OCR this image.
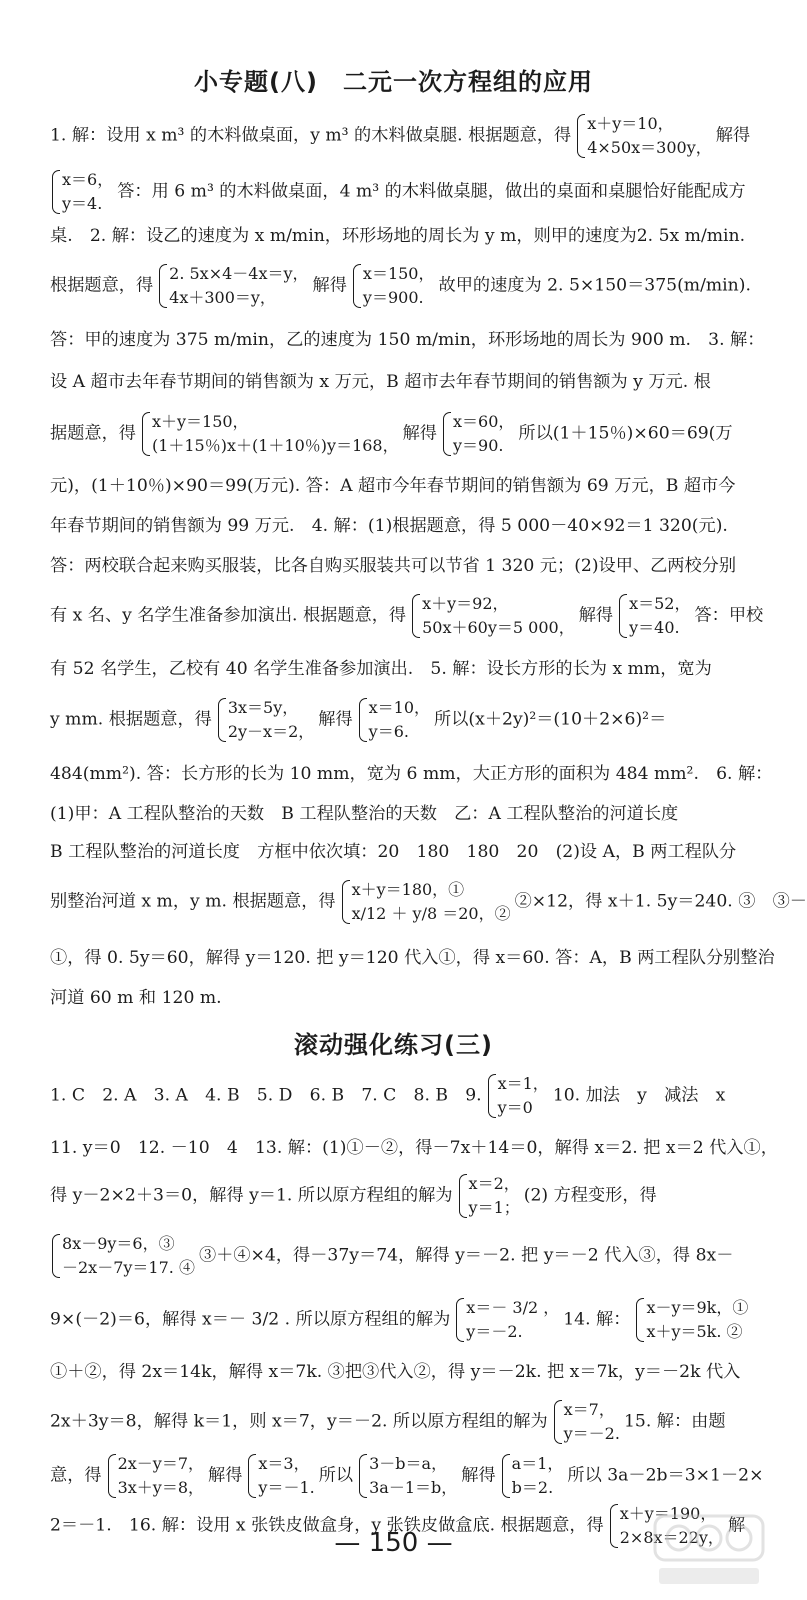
小专题(八)　二元一次方程组的应用
1. 解：设用 x m³ 的木料做桌面，y m³ 的木料做桌腿. 根据题意，得
x＋y＝10，
4×50x＝300y，
解得
x＝6，
y＝4.
答：用 6 m³ 的木料做桌面，4 m³ 的木料做桌腿，做出的桌面和桌腿恰好能配成方
桌.　2. 解：设乙的速度为 x m/min，环形场地的周长为 y m，则甲的速度为2. 5x m/min.
根据题意，得
2. 5x×4－4x＝y，
4x＋300＝y，
解得
x＝150，
y＝900.
故甲的速度为 2. 5×150＝375(m/min).
答：甲的速度为 375 m/min，乙的速度为 150 m/min，环形场地的周长为 900 m.　3. 解：
设 A 超市去年春节期间的销售额为 x 万元，B 超市去年春节期间的销售额为 y 万元. 根
据题意，得
x＋y＝150，
(1＋15％)x＋(1＋10％)y＝168，
解得
x＝60，
y＝90.
所以(1＋15％)×60＝69(万
元)，(1＋10％)×90＝99(万元). 答：A 超市今年春节期间的销售额为 69 万元，B 超市今
年春节期间的销售额为 99 万元.　4. 解：(1)根据题意，得 5 000－40×92＝1 320(元).
答：两校联合起来购买服装，比各自购买服装共可以节省 1 320 元；(2)设甲、乙两校分别
有 x 名、y 名学生准备参加演出. 根据题意，得
x＋y＝92，
50x＋60y＝5 000，
解得
x＝52，
y＝40.
答：甲校
有 52 名学生，乙校有 40 名学生准备参加演出.　5. 解：设长方形的长为 x mm，宽为
y mm. 根据题意，得
3x＝5y，
2y－x＝2，
解得
x＝10，
y＝6.
所以(x＋2y)²＝(10＋2×6)²＝
484(mm²). 答：长方形的长为 10 mm，宽为 6 mm，大正方形的面积为 484 mm².　6. 解：
(1)甲：A 工程队整治的天数　B 工程队整治的天数　乙：A 工程队整治的河道长度
B 工程队整治的河道长度　方框中依次填：20　180　180　20　(2)设 A，B 两工程队分
别整治河道 x m，y m. 根据题意，得
x＋y＝180，①
x/12 ＋ y/8 ＝20，②
②×12，得 x＋1. 5y＝240. ③　③－
①，得 0. 5y＝60，解得 y＝120. 把 y＝120 代入①，得 x＝60. 答：A，B 两工程队分别整治
河道 60 m 和 120 m.
滚动强化练习(三)
1. C　2. A　3. A　4. B　5. D　6. B　7. C　8. B　9.
x＝1，
y＝0
10. 加法　y　减法　x
11. y＝0　12. －10　4　13. 解：(1)①－②，得－7x＋14＝0，解得 x＝2. 把 x＝2 代入①，
得 y－2×2＋3＝0，解得 y＝1. 所以原方程组的解为
x＝2，
y＝1；
(2) 方程变形，得
8x－9y＝6，③
－2x－7y＝17. ④
③＋④×4，得－37y＝74，解得 y＝－2. 把 y＝－2 代入③，得 8x－
9×(－2)＝6，解得 x＝－ 3/2 . 所以原方程组的解为
x＝－ 3/2 ，
y＝－2.
14. 解：
x－y＝9k，①
x＋y＝5k. ②
①＋②，得 2x＝14k，解得 x＝7k. ③把③代入②，得 y＝－2k. 把 x＝7k，y＝－2k 代入
2x＋3y＝8，解得 k＝1，则 x＝7，y＝－2. 所以原方程组的解为
x＝7，
y＝－2.
15. 解：由题
意，得
2x－y＝7，
3x＋y＝8，
解得
x＝3，
y＝－1.
所以
3－b＝a，
3a－1＝b，
解得
a＝1，
b＝2.
所以 3a－2b＝3×1－2×
2＝－1.　16. 解：设用 x 张铁皮做盒身，y 张铁皮做盒底. 根据题意，得
x＋y＝190，
2×8x＝22y，
解
— 150 —
